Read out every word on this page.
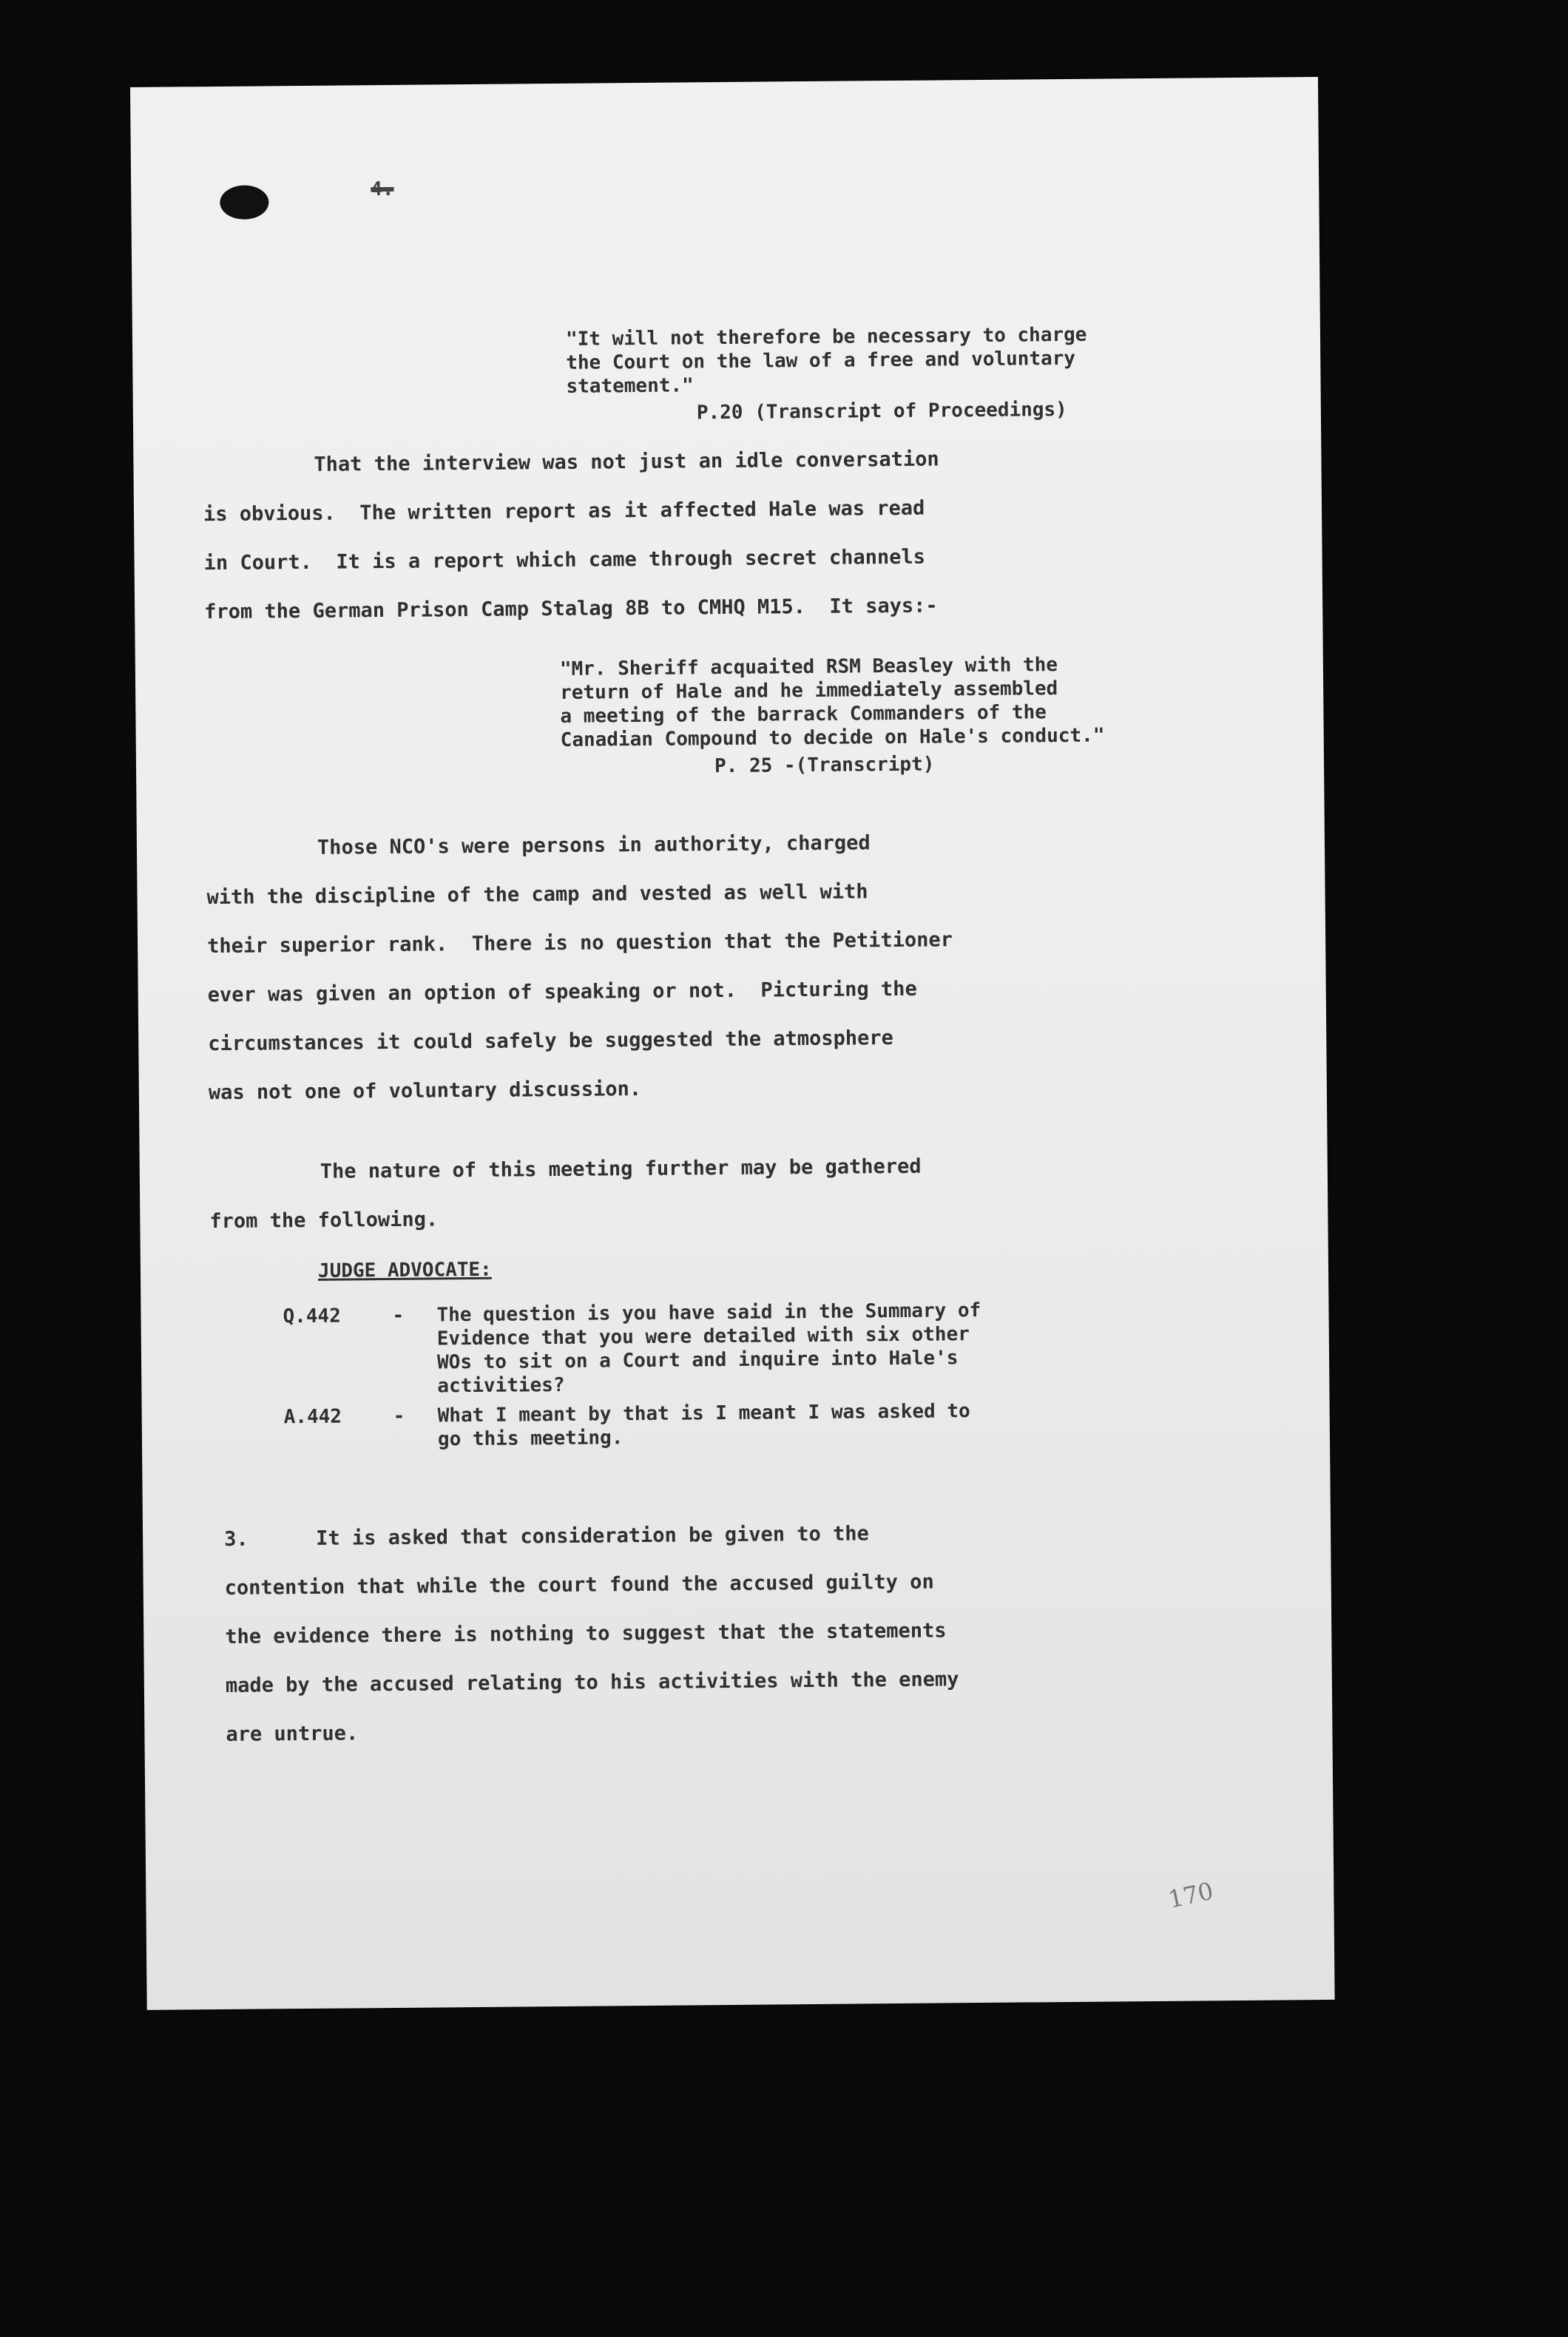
4.

"It will not therefore be necessary to charge
the Court on the law of a free and voluntary
statement."

P.20 (Transcript of Proceedings)

That the interview was not just an idle conversation
is obvious.  The written report as it affected Hale was read
in Court.  It is a report which came through secret channels
from the German Prison Camp Stalag 8B to CMHQ M15.  It says:-

"Mr. Sheriff acquaited RSM Beasley with the
return of Hale and he immediately assembled
a meeting of the barrack Commanders of the
Canadian Compound to decide on Hale's conduct."

P. 25 -(Transcript)

Those NCO's were persons in authority, charged
with the discipline of the camp and vested as well with
their superior rank.  There is no question that the Petitioner
ever was given an option of speaking or not.  Picturing the
circumstances it could safely be suggested the atmosphere
was not one of voluntary discussion.

The nature of this meeting further may be gathered
from the following.

JUDGE ADVOCATE:

Q.442	- The question is you have said in the Summary of
Evidence that you were detailed with six other
WOs to sit on a Court and inquire into Hale's
activities?

A.442	- What I meant by that is I meant I was asked to
go this meeting.

3.	It is asked that consideration be given to the
contention that while the court found the accused guilty on
the evidence there is nothing to suggest that the statements
made by the accused relating to his activities with the enemy
are untrue.

170
